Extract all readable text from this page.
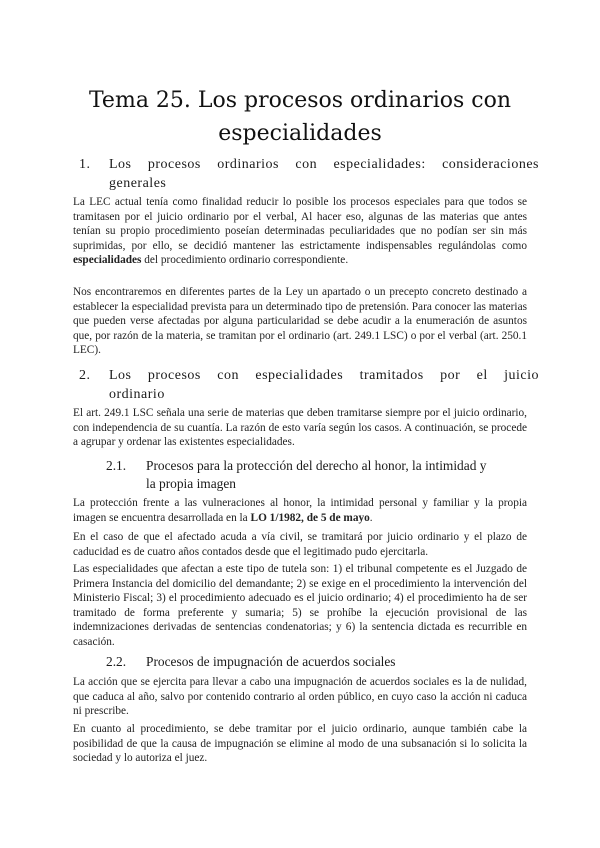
Tema 25. Los procesos ordinarios con especialidades
1. Los procesos ordinarios con especialidades: consideraciones
generales
La LEC actual tenía como finalidad reducir lo posible los procesos especiales para que todos se tramitasen por el juicio ordinario por el verbal, Al hacer eso, algunas de las materias que antes tenían su propio procedimiento poseían determinadas peculiaridades que no podían ser sin más suprimidas, por ello, se decidió mantener las estrictamente indispensables regulándolas como especialidades del procedimiento ordinario correspondiente.
Nos encontraremos en diferentes partes de la Ley un apartado o un precepto concreto destinado a establecer la especialidad prevista para un determinado tipo de pretensión. Para conocer las materias que pueden verse afectadas por alguna particularidad se debe acudir a la enumeración de asuntos que, por razón de la materia, se tramitan por el ordinario (art. 249.1 LSC) o por el verbal (art. 250.1 LEC).
2. Los procesos con especialidades tramitados por el juicio
ordinario
El art. 249.1 LSC señala una serie de materias que deben tramitarse siempre por el juicio ordinario, con independencia de su cuantía. La razón de esto varía según los casos. A continuación, se procede a agrupar y ordenar las existentes especialidades.
2.1. Procesos para la protección del derecho al honor, la intimidad y
la propia imagen
La protección frente a las vulneraciones al honor, la intimidad personal y familiar y la propia imagen se encuentra desarrollada en la LO 1/1982, de 5 de mayo.
En el caso de que el afectado acuda a vía civil, se tramitará por juicio ordinario y el plazo de caducidad es de cuatro años contados desde que el legitimado pudo ejercitarla.
Las especialidades que afectan a este tipo de tutela son: 1) el tribunal competente es el Juzgado de Primera Instancia del domicilio del demandante; 2) se exige en el procedimiento la intervención del Ministerio Fiscal; 3) el procedimiento adecuado es el juicio ordinario; 4) el procedimiento ha de ser tramitado de forma preferente y sumaria; 5) se prohíbe la ejecución provisional de las indemnizaciones derivadas de sentencias condenatorias; y 6) la sentencia dictada es recurrible en casación.
2.2. Procesos de impugnación de acuerdos sociales
La acción que se ejercita para llevar a cabo una impugnación de acuerdos sociales es la de nulidad, que caduca al año, salvo por contenido contrario al orden público, en cuyo caso la acción ni caduca ni prescribe.
En cuanto al procedimiento, se debe tramitar por el juicio ordinario, aunque también cabe la posibilidad de que la causa de impugnación se elimine al modo de una subsanación si lo solicita la sociedad y lo autoriza el juez.
